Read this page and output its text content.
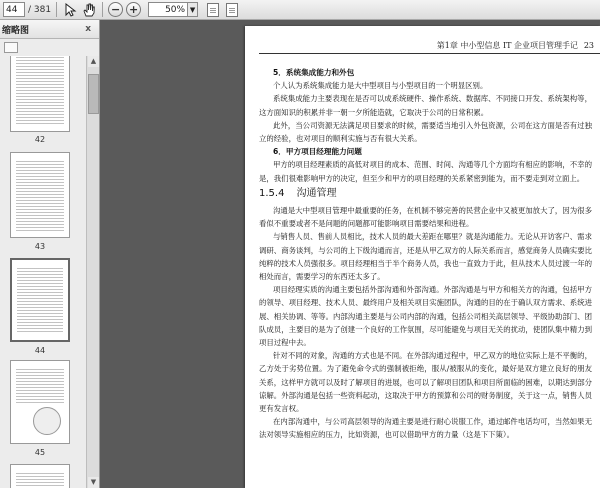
44	/ 381	− +	50% ▼
缩略图	x
42
43
44
45
▲
▼
第1章 中小型信息 IT 企业项目管理手记 23

5．系统集成能力和外包

个人认为系统集成能力是大中型项目与小型项目的一个明显区别。

系统集成能力主要表现在是否可以成系统硬件、操作系统、数据库、不同接口开发、系统架构等，这方面知识的积累并非一朝一夕所能造就，它取决于公司的日常积累。

此外，当公司资源无法满足项目要求的时候，需要适当地引入外包资源，公司在这方面是否有过独立的经验，也对项目的顺利实施与否有很大关系。

6．甲方项目经理能力问题

甲方的项目经理素质的高低对项目的成本、范围、时间、沟通等几个方面均有相应的影响，不幸的是，我们很难影响甲方的决定，但至少和甲方的项目经理的关系紧密到能为，而不要走到对立面上。

1.5.4 沟通管理

沟通是大中型项目管理中最重要的任务，在机制不够完善的民营企业中又被更加放大了，因为很多看似不重要或者不是问题的问题都可能影响项目需要结果和进程。

与销售人员、售前人员相比，技术人员的最大差距在哪里？就是沟通能力。无论从开访客户、需求调研、商务谈判，与公司的上下级沟通而言，还是从甲乙双方的人际关系而言，感觉商务人员确实要比纯粹的技术人员强很多。项目经理相当于半个商务人员，我也一直致力于此，但从技术人员过渡一年的相处而言，需要学习的东西还太多了。

项目经理实质的沟通主要包括外部沟通和外部沟通。外部沟通是与甲方和相关方的沟通，包括甲方的领导、项目经理、技术人员、最终用户及相关项目实施团队，沟通的目的在于确认双方需求、系统进展、相关协调、等等。内部沟通主要是与公司内部的沟通，包括公司相关高层领导、平级协助部门、团队成员，主要目的是为了创建一个良好的工作氛围，尽可能避免与项目无关的扰动，使团队集中精力到项目过程中去。

针对不同的对象，沟通的方式也是不同。在外部沟通过程中，甲乙双方的地位实际上是不平衡的，乙方处于劣势位置。为了避免命令式的强制被拒绝，服从/被服从的变化，最好是双方建立良好的朋友关系，这样甲方就可以及时了解项目的进展，也可以了解项目团队和项目所面临的困难，以期达到部分谅解。外部沟通是包括一些资料起动，这取决于甲方的预算和公司的财务制度，关于这一点，销售人员更有发言权。

在内部沟通中，与公司高层领导的沟通主要是进行耐心说服工作，通过邮件电话均可，当然如果无法对领导实施相应的压力，比如资源，也可以借助甲方的力量（这是下下策）。
